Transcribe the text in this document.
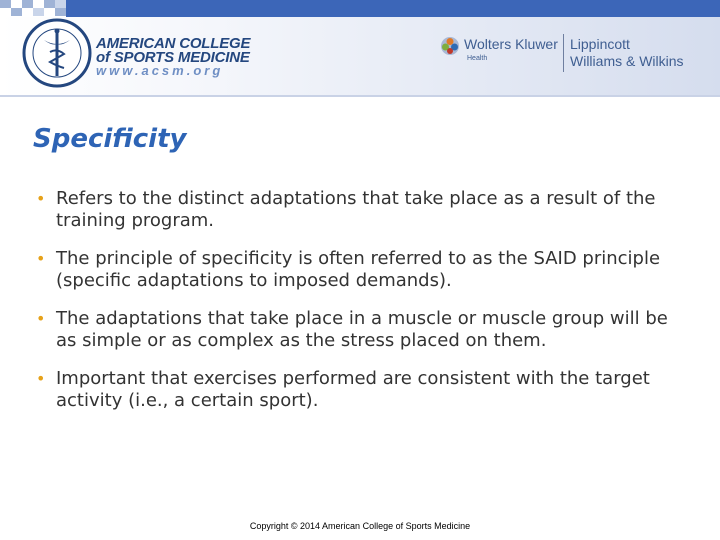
AMERICAN COLLEGE
of SPORTS MEDICINE
www.acsm.org
Wolters Kluwer
Health
Lippincott
Williams & Wilkins
Specificity
• Refers to the distinct adaptations that take place as a result of the training program.
• The principle of specificity is often referred to as the SAID principle (specific adaptations to imposed demands).
• The adaptations that take place in a muscle or muscle group will be as simple or as complex as the stress placed on them.
• Important that exercises performed are consistent with the target activity (i.e., a certain sport).
Copyright © 2014 American College of Sports Medicine
